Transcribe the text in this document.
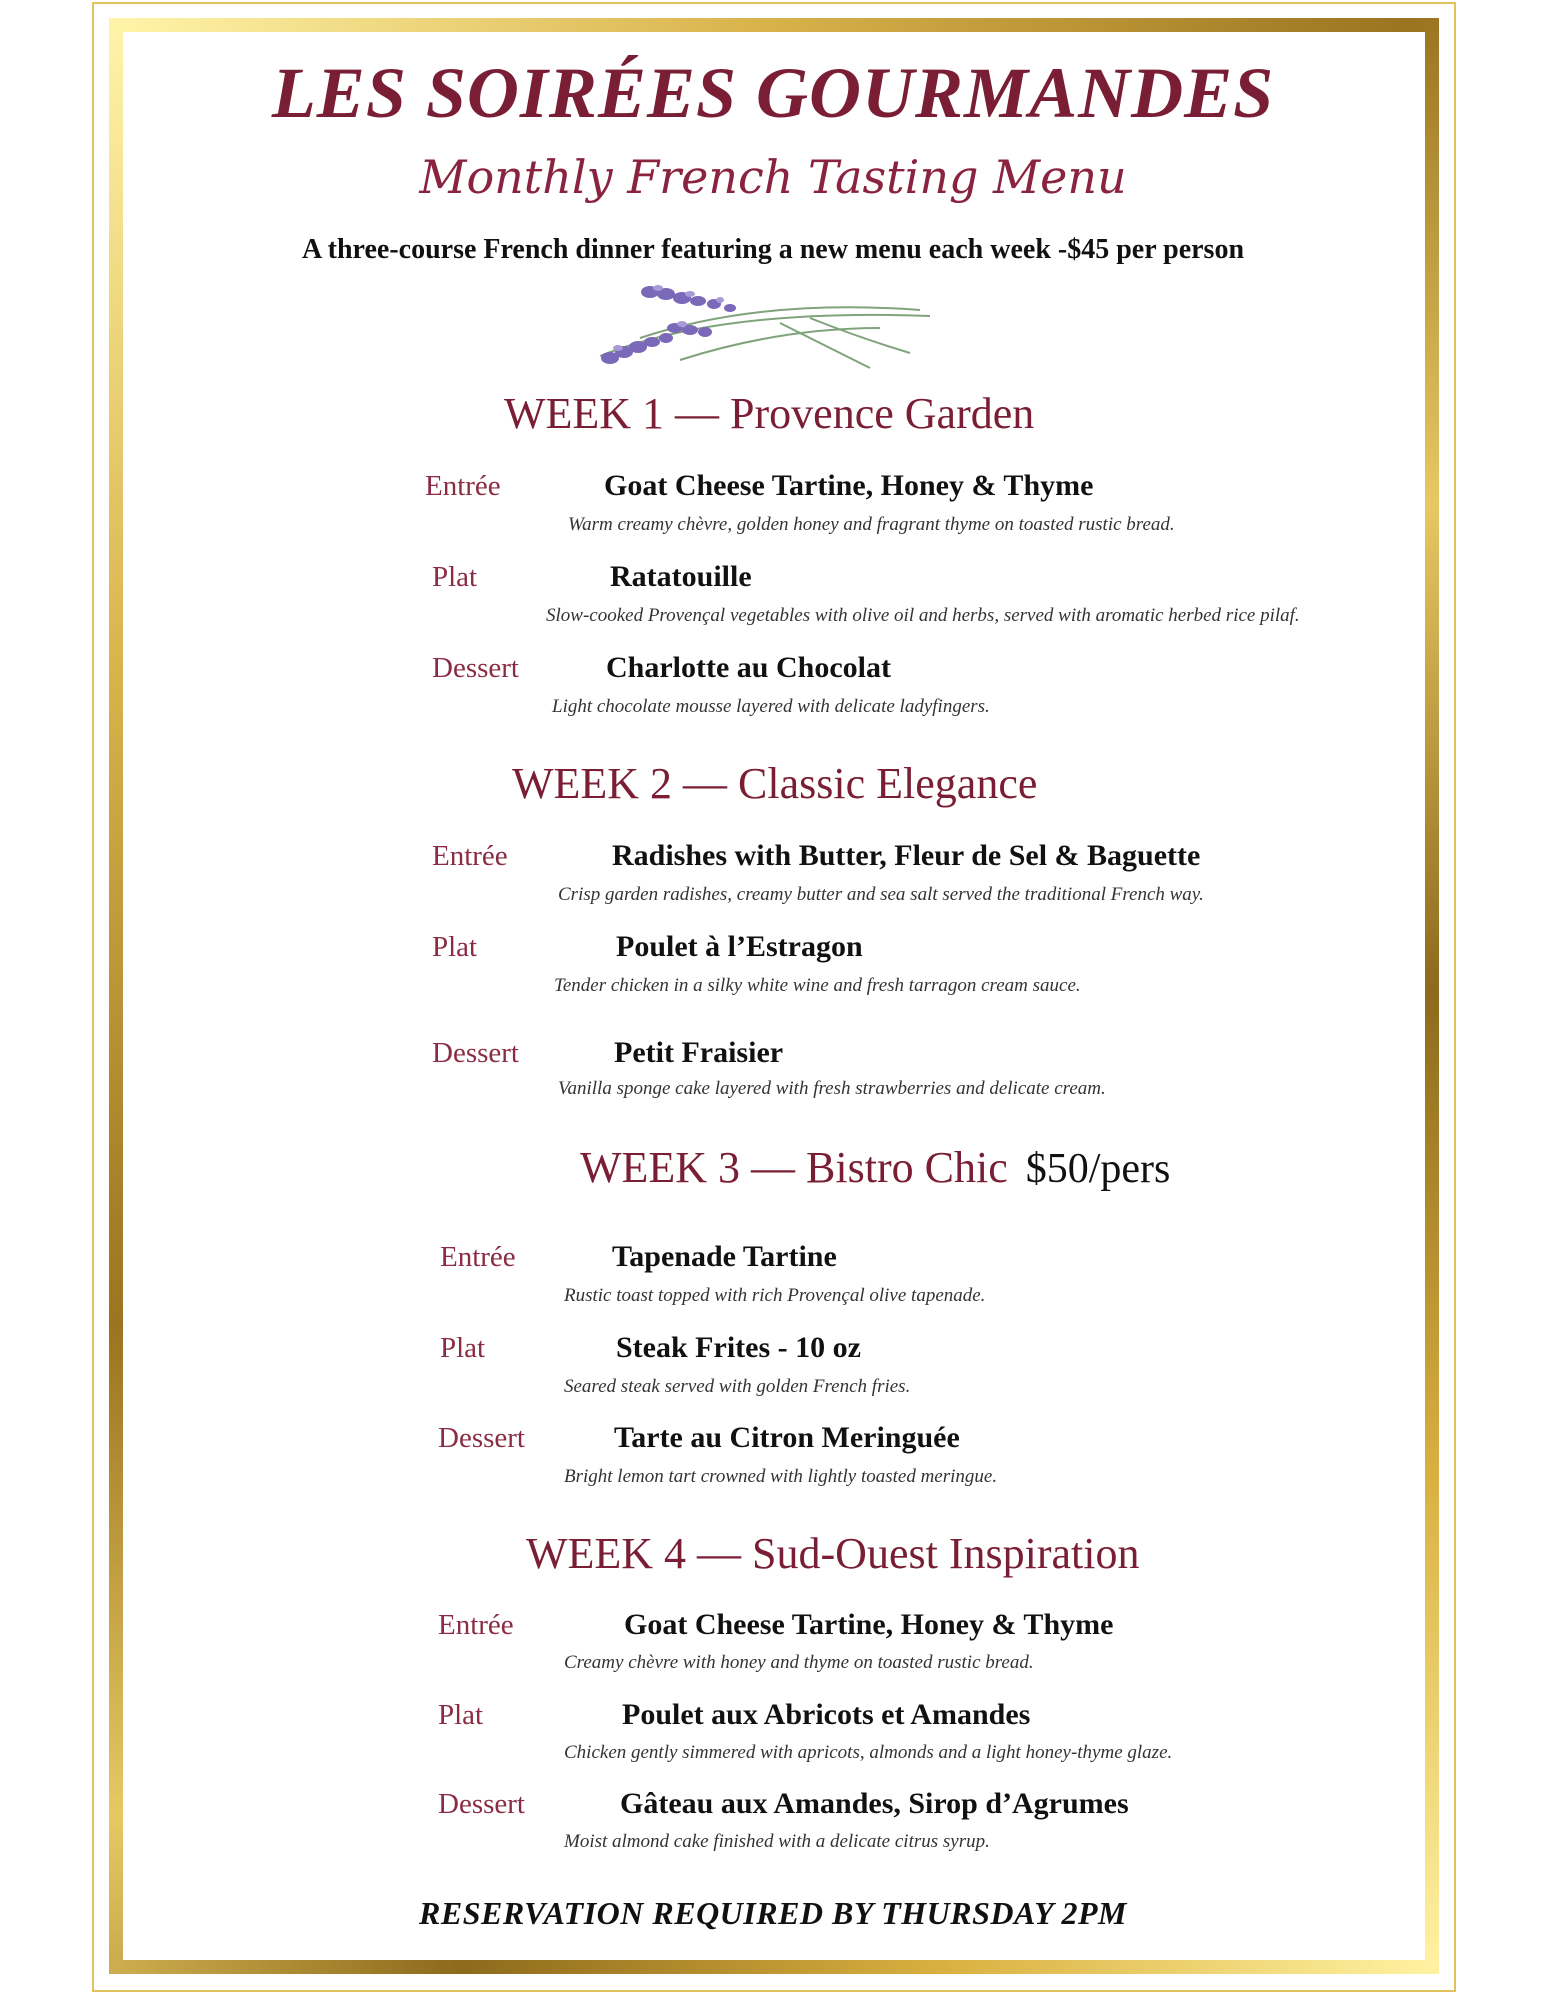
LES SOIRÉES GOURMANDES
Monthly French Tasting Menu
A three-course French dinner featuring a new menu each week -$45 per person
WEEK 1 — Provence Garden
Entrée	Goat Cheese Tartine, Honey & Thyme
Warm creamy chèvre, golden honey and fragrant thyme on toasted rustic bread.
Plat	Ratatouille
Slow-cooked Provençal vegetables with olive oil and herbs, served with aromatic herbed rice pilaf.
Dessert	Charlotte au Chocolat
Light chocolate mousse layered with delicate ladyfingers.
WEEK 2 — Classic Elegance
Entrée	Radishes with Butter, Fleur de Sel & Baguette
Crisp garden radishes, creamy butter and sea salt served the traditional French way.
Plat	Poulet à l’Estragon
Tender chicken in a silky white wine and fresh tarragon cream sauce.
Dessert	Petit Fraisier
Vanilla sponge cake layered with fresh strawberries and delicate cream.
WEEK 3 — Bistro Chic $50/pers
Entrée	Tapenade Tartine
Rustic toast topped with rich Provençal olive tapenade.
Plat	Steak Frites - 10 oz
Seared steak served with golden French fries.
Dessert	Tarte au Citron Meringuée
Bright lemon tart crowned with lightly toasted meringue.
WEEK 4 — Sud-Ouest Inspiration
Entrée	Goat Cheese Tartine, Honey & Thyme
Creamy chèvre with honey and thyme on toasted rustic bread.
Plat	Poulet aux Abricots et Amandes
Chicken gently simmered with apricots, almonds and a light honey-thyme glaze.
Dessert	Gâteau aux Amandes, Sirop d’Agrumes
Moist almond cake finished with a delicate citrus syrup.
RESERVATION REQUIRED BY THURSDAY 2PM
